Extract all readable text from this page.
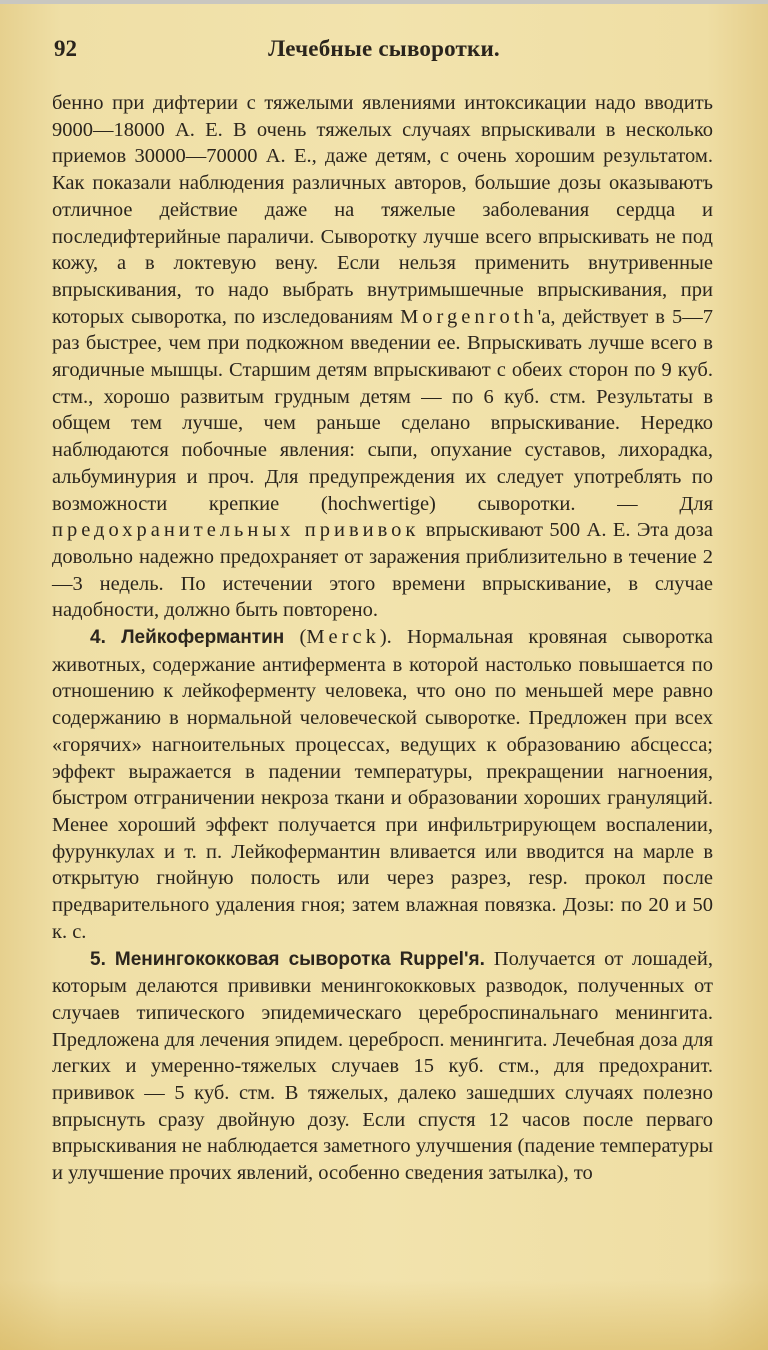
92	Лечебные сыворотки.

бенно при дифтерии с тяжелыми явлениями интоксикации надо вводить 9000—18000 А. Е. В очень тяжелых случаях впрыскивали в несколько приемов 30000—70000 А. Е., даже детям, с очень хорошим результатом. Как показали наблюдения различных авторов, большие дозы оказываютъ отличное действие даже на тяжелые заболевания сердца и последифтерийные параличи. Сыворотку лучше всего впрыскивать не под кожу, а в локтевую вену. Если нельзя применить внутривенные впрыскивания, то надо выбрать внутримышечные впрыскивания, при которых сыворотка, по изследованиям Morgenroth'a, действует в 5—7 раз быстрее, чем при подкожном введении ее. Впрыскивать лучше всего в ягодичные мышцы. Старшим детям впрыскивают с обеих сторон по 9 куб. стм., хорошо развитым грудным детям — по 6 куб. стм. Результаты в общем тем лучше, чем раньше сделано впрыскивание. Нередко наблюдаются побочные явления: сыпи, опухание суставов, лихорадка, альбуминурия и проч. Для предупреждения их следует употреблять по возможности крепкие (hochwertige) сыворотки. — Для предохранительных прививок впрыскивают 500 А. Е. Эта доза довольно надежно предохраняет от заражения приблизительно в течение 2—3 недель. По истечении этого времени впрыскивание, в случае надобности, должно быть повторено.

4. Лейкофермантин (Merck). Нормальная кровяная сыворотка животных, содержание антифермента в которой настолько повышается по отношению к лейкоферменту человека, что оно по меньшей мере равно содержанию в нормальной человеческой сыворотке. Предложен при всех «горячих» нагноительных процессах, ведущих к образованию абсцесса; эффект выражается в падении температуры, прекращении нагноения, быстром отграничении некроза ткани и образовании хороших грануляций. Менее хороший эффект получается при инфильтрирующем воспалении, фурункулах и т. п. Лейкофермантин вливается или вводится на марле в открытую гнойную полость или через разрез, resp. прокол после предварительного удаления гноя; затем влажная повязка. Дозы: по 20 и 50 к. с.

5. Менингококковая сыворотка Ruppel'я. Получается от лошадей, которым делаются прививки менингококковых разводок, полученных от случаев типического эпидемическаго цереброспинальнаго менингита. Предложена для лечения эпидем. церебросп. менингита. Лечебная доза для легких и умеренно-тяжелых случаев 15 куб. стм., для предохранит. прививок — 5 куб. стм. В тяжелых, далеко зашедших случаях полезно впрыснуть сразу двойную дозу. Если спустя 12 часов после перваго впрыскивания не наблюдается заметного улучшения (падение температуры и улучшение прочих явлений, особенно сведения затылка), то
